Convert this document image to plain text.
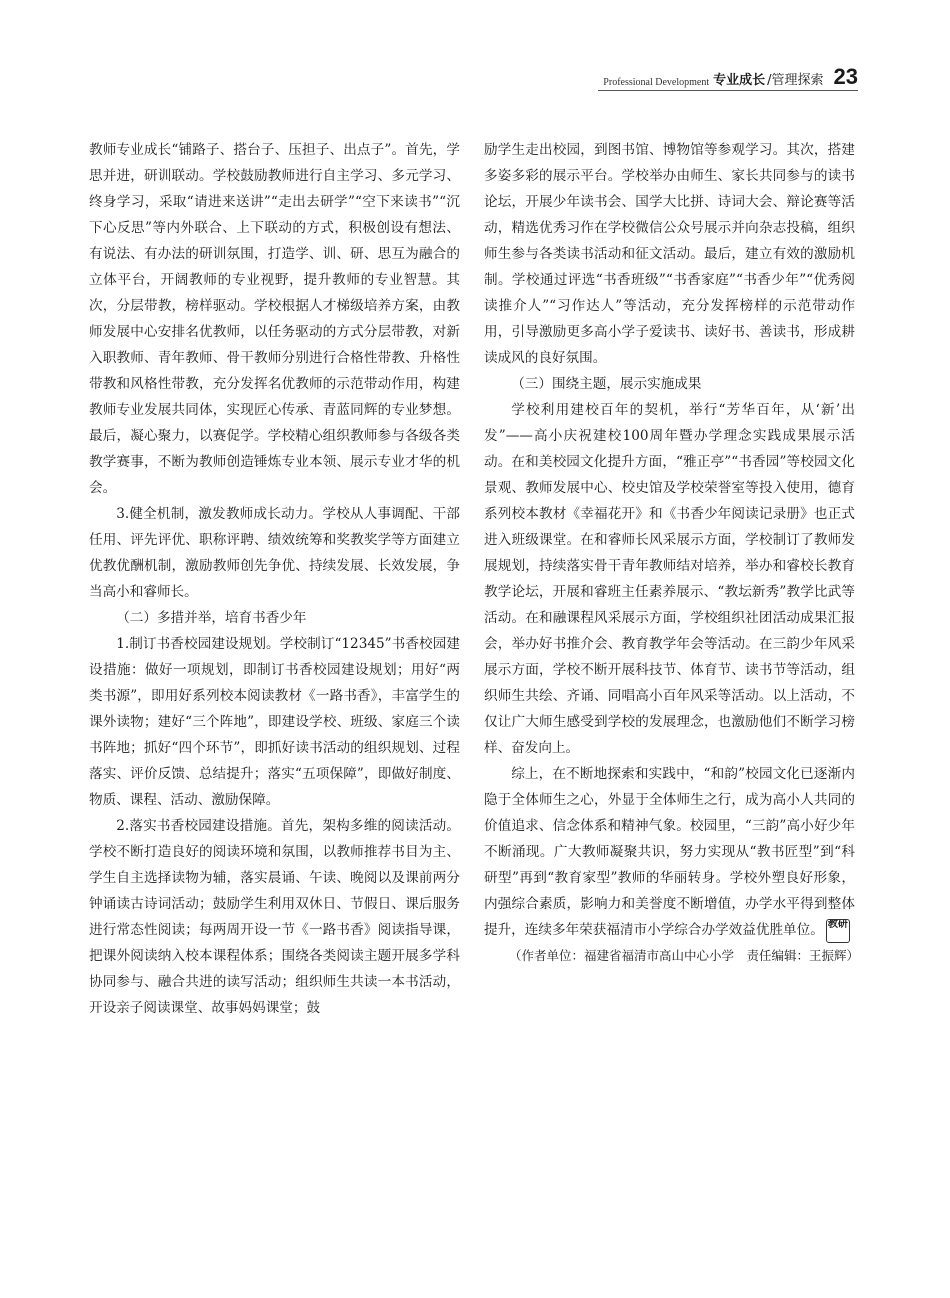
Professional Development 专业成长 /管理探索 23

教师专业成长“铺路子、搭台子、压担子、出点子”。首先，学思并进，研训联动。学校鼓励教师进行自主学习、多元学习、终身学习，采取“请进来送讲”“走出去研学”“空下来读书”“沉下心反思”等内外联合、上下联动的方式，积极创设有想法、有说法、有办法的研训氛围，打造学、训、研、思互为融合的立体平台，开阔教师的专业视野，提升教师的专业智慧。其次，分层带教，榜样驱动。学校根据人才梯级培养方案，由教师发展中心安排名优教师，以任务驱动的方式分层带教，对新入职教师、青年教师、骨干教师分别进行合格性带教、升格性带教和风格性带教，充分发挥名优教师的示范带动作用，构建教师专业发展共同体，实现匠心传承、青蓝同辉的专业梦想。最后，凝心聚力，以赛促学。学校精心组织教师参与各级各类教学赛事，不断为教师创造锤炼专业本领、展示专业才华的机会。

3.健全机制，激发教师成长动力。学校从人事调配、干部任用、评先评优、职称评聘、绩效统筹和奖教奖学等方面建立优教优酬机制，激励教师创先争优、持续发展、长效发展，争当高小和睿师长。

（二）多措并举，培育书香少年

1.制订书香校园建设规划。学校制订“12345”书香校园建设措施：做好一项规划，即制订书香校园建设规划；用好“两类书源”，即用好系列校本阅读教材《一路书香》，丰富学生的课外读物；建好“三个阵地”，即建设学校、班级、家庭三个读书阵地；抓好“四个环节”，即抓好读书活动的组织规划、过程落实、评价反馈、总结提升；落实“五项保障”，即做好制度、物质、课程、活动、激励保障。

2.落实书香校园建设措施。首先，架构多维的阅读活动。学校不断打造良好的阅读环境和氛围，以教师推荐书目为主、学生自主选择读物为辅，落实晨诵、午读、晚阅以及课前两分钟诵读古诗词活动；鼓励学生利用双休日、节假日、课后服务进行常态性阅读；每两周开设一节《一路书香》阅读指导课，把课外阅读纳入校本课程体系；围绕各类阅读主题开展多学科协同参与、融合共进的读写活动；组织师生共读一本书活动，开设亲子阅读课堂、故事妈妈课堂；鼓

励学生走出校园，到图书馆、博物馆等参观学习。其次，搭建多姿多彩的展示平台。学校举办由师生、家长共同参与的读书论坛，开展少年读书会、国学大比拼、诗词大会、辩论赛等活动，精选优秀习作在学校微信公众号展示并向杂志投稿，组织师生参与各类读书活动和征文活动。最后，建立有效的激励机制。学校通过评选“书香班级”“书香家庭”“书香少年”“优秀阅读推介人”“习作达人”等活动，充分发挥榜样的示范带动作用，引导激励更多高小学子爱读书、读好书、善读书，形成耕读成风的良好氛围。

（三）围绕主题，展示实施成果

学校利用建校百年的契机，举行“芳华百年，从‘新’出发”——高小庆祝建校100周年暨办学理念实践成果展示活动。在和美校园文化提升方面，“雅正亭”“书香园”等校园文化景观、教师发展中心、校史馆及学校荣誉室等投入使用，德育系列校本教材《幸福花开》和《书香少年阅读记录册》也正式进入班级课堂。在和睿师长风采展示方面，学校制订了教师发展规划，持续落实骨干青年教师结对培养，举办和睿校长教育教学论坛，开展和睿班主任素养展示、“教坛新秀”教学比武等活动。在和融课程风采展示方面，学校组织社团活动成果汇报会，举办好书推介会、教育教学年会等活动。在三韵少年风采展示方面，学校不断开展科技节、体育节、读书节等活动，组织师生共绘、齐诵、同唱高小百年风采等活动。以上活动，不仅让广大师生感受到学校的发展理念，也激励他们不断学习榜样、奋发向上。

综上，在不断地探索和实践中，“和韵”校园文化已逐渐内隐于全体师生之心，外显于全体师生之行，成为高小人共同的价值追求、信念体系和精神气象。校园里，“三韵”高小好少年不断涌现。广大教师凝聚共识，努力实现从“教书匠型”到“科研型”再到“教育家型”教师的华丽转身。学校外塑良好形象，内强综合素质，影响力和美誉度不断增值，办学水平得到整体提升，连续多年荣获福清市小学综合办学效益优胜单位。 教研

（作者单位：福建省福清市高山中心小学　责任编辑：王振辉）
